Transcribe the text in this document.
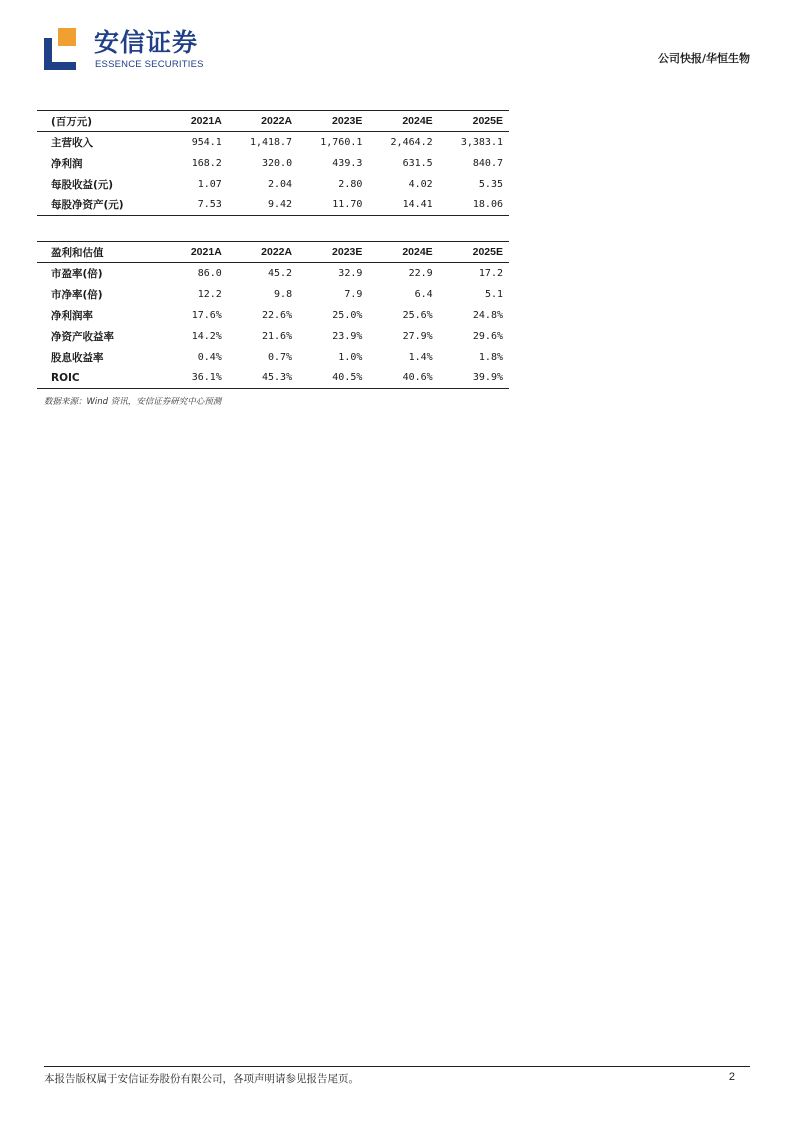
安信证券
ESSENCE SECURITIES	公司快报/华恒生物
(百万元)	2021A	2022A	2023E	2024E	2025E
主营收入	954.1	1,418.7	1,760.1	2,464.2	3,383.1
净利润	168.2	320.0	439.3	631.5	840.7
每股收益(元)	1.07	2.04	2.80	4.02	5.35
每股净资产(元)	7.53	9.42	11.70	14.41	18.06
盈利和估值	2021A	2022A	2023E	2024E	2025E
市盈率(倍)	86.0	45.2	32.9	22.9	17.2
市净率(倍)	12.2	9.8	7.9	6.4	5.1
净利润率	17.6%	22.6%	25.0%	25.6%	24.8%
净资产收益率	14.2%	21.6%	23.9%	27.9%	29.6%
股息收益率	0.4%	0.7%	1.0%	1.4%	1.8%
ROIC	36.1%	45.3%	40.5%	40.6%	39.9%
数据来源：Wind 资讯，安信证券研究中心预测
本报告版权属于安信证券股份有限公司，各项声明请参见报告尾页。	2
